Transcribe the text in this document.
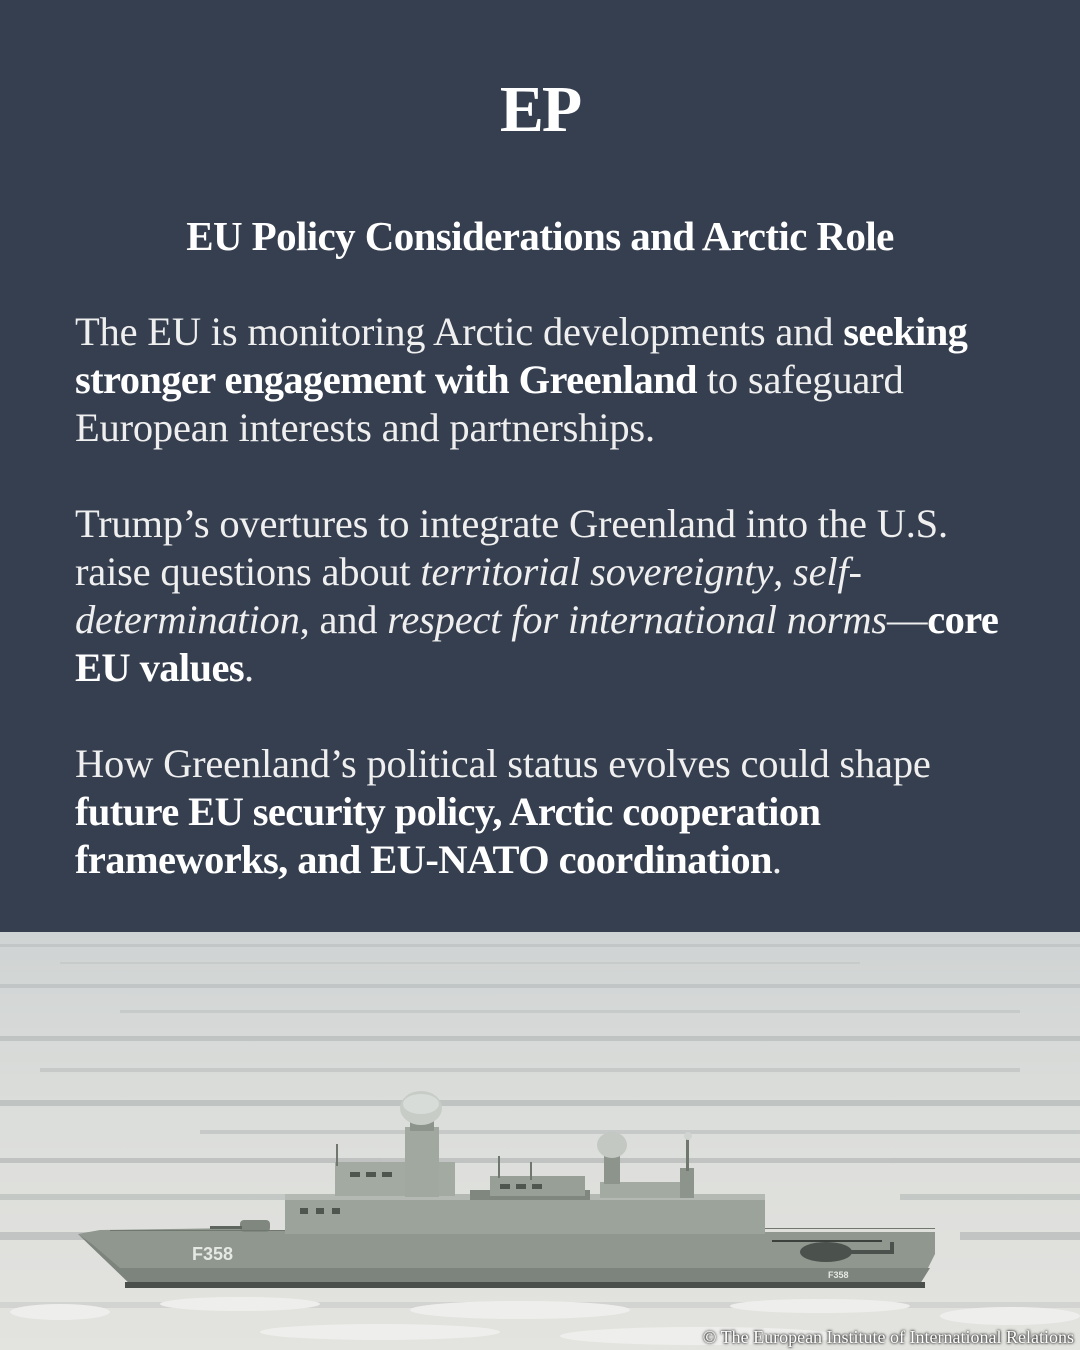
EP
EU Policy Considerations and Arctic Role

The EU is monitoring Arctic developments and seeking stronger engagement with Greenland to safeguard European interests and partnerships.

Trump’s overtures to integrate Greenland into the U.S. raise questions about territorial sovereignty, self-determination, and respect for international norms—core EU values.

How Greenland’s political status evolves could shape future EU security policy, Arctic cooperation frameworks, and EU-NATO coordination.

F358
F358
© The European Institute of International Relations
